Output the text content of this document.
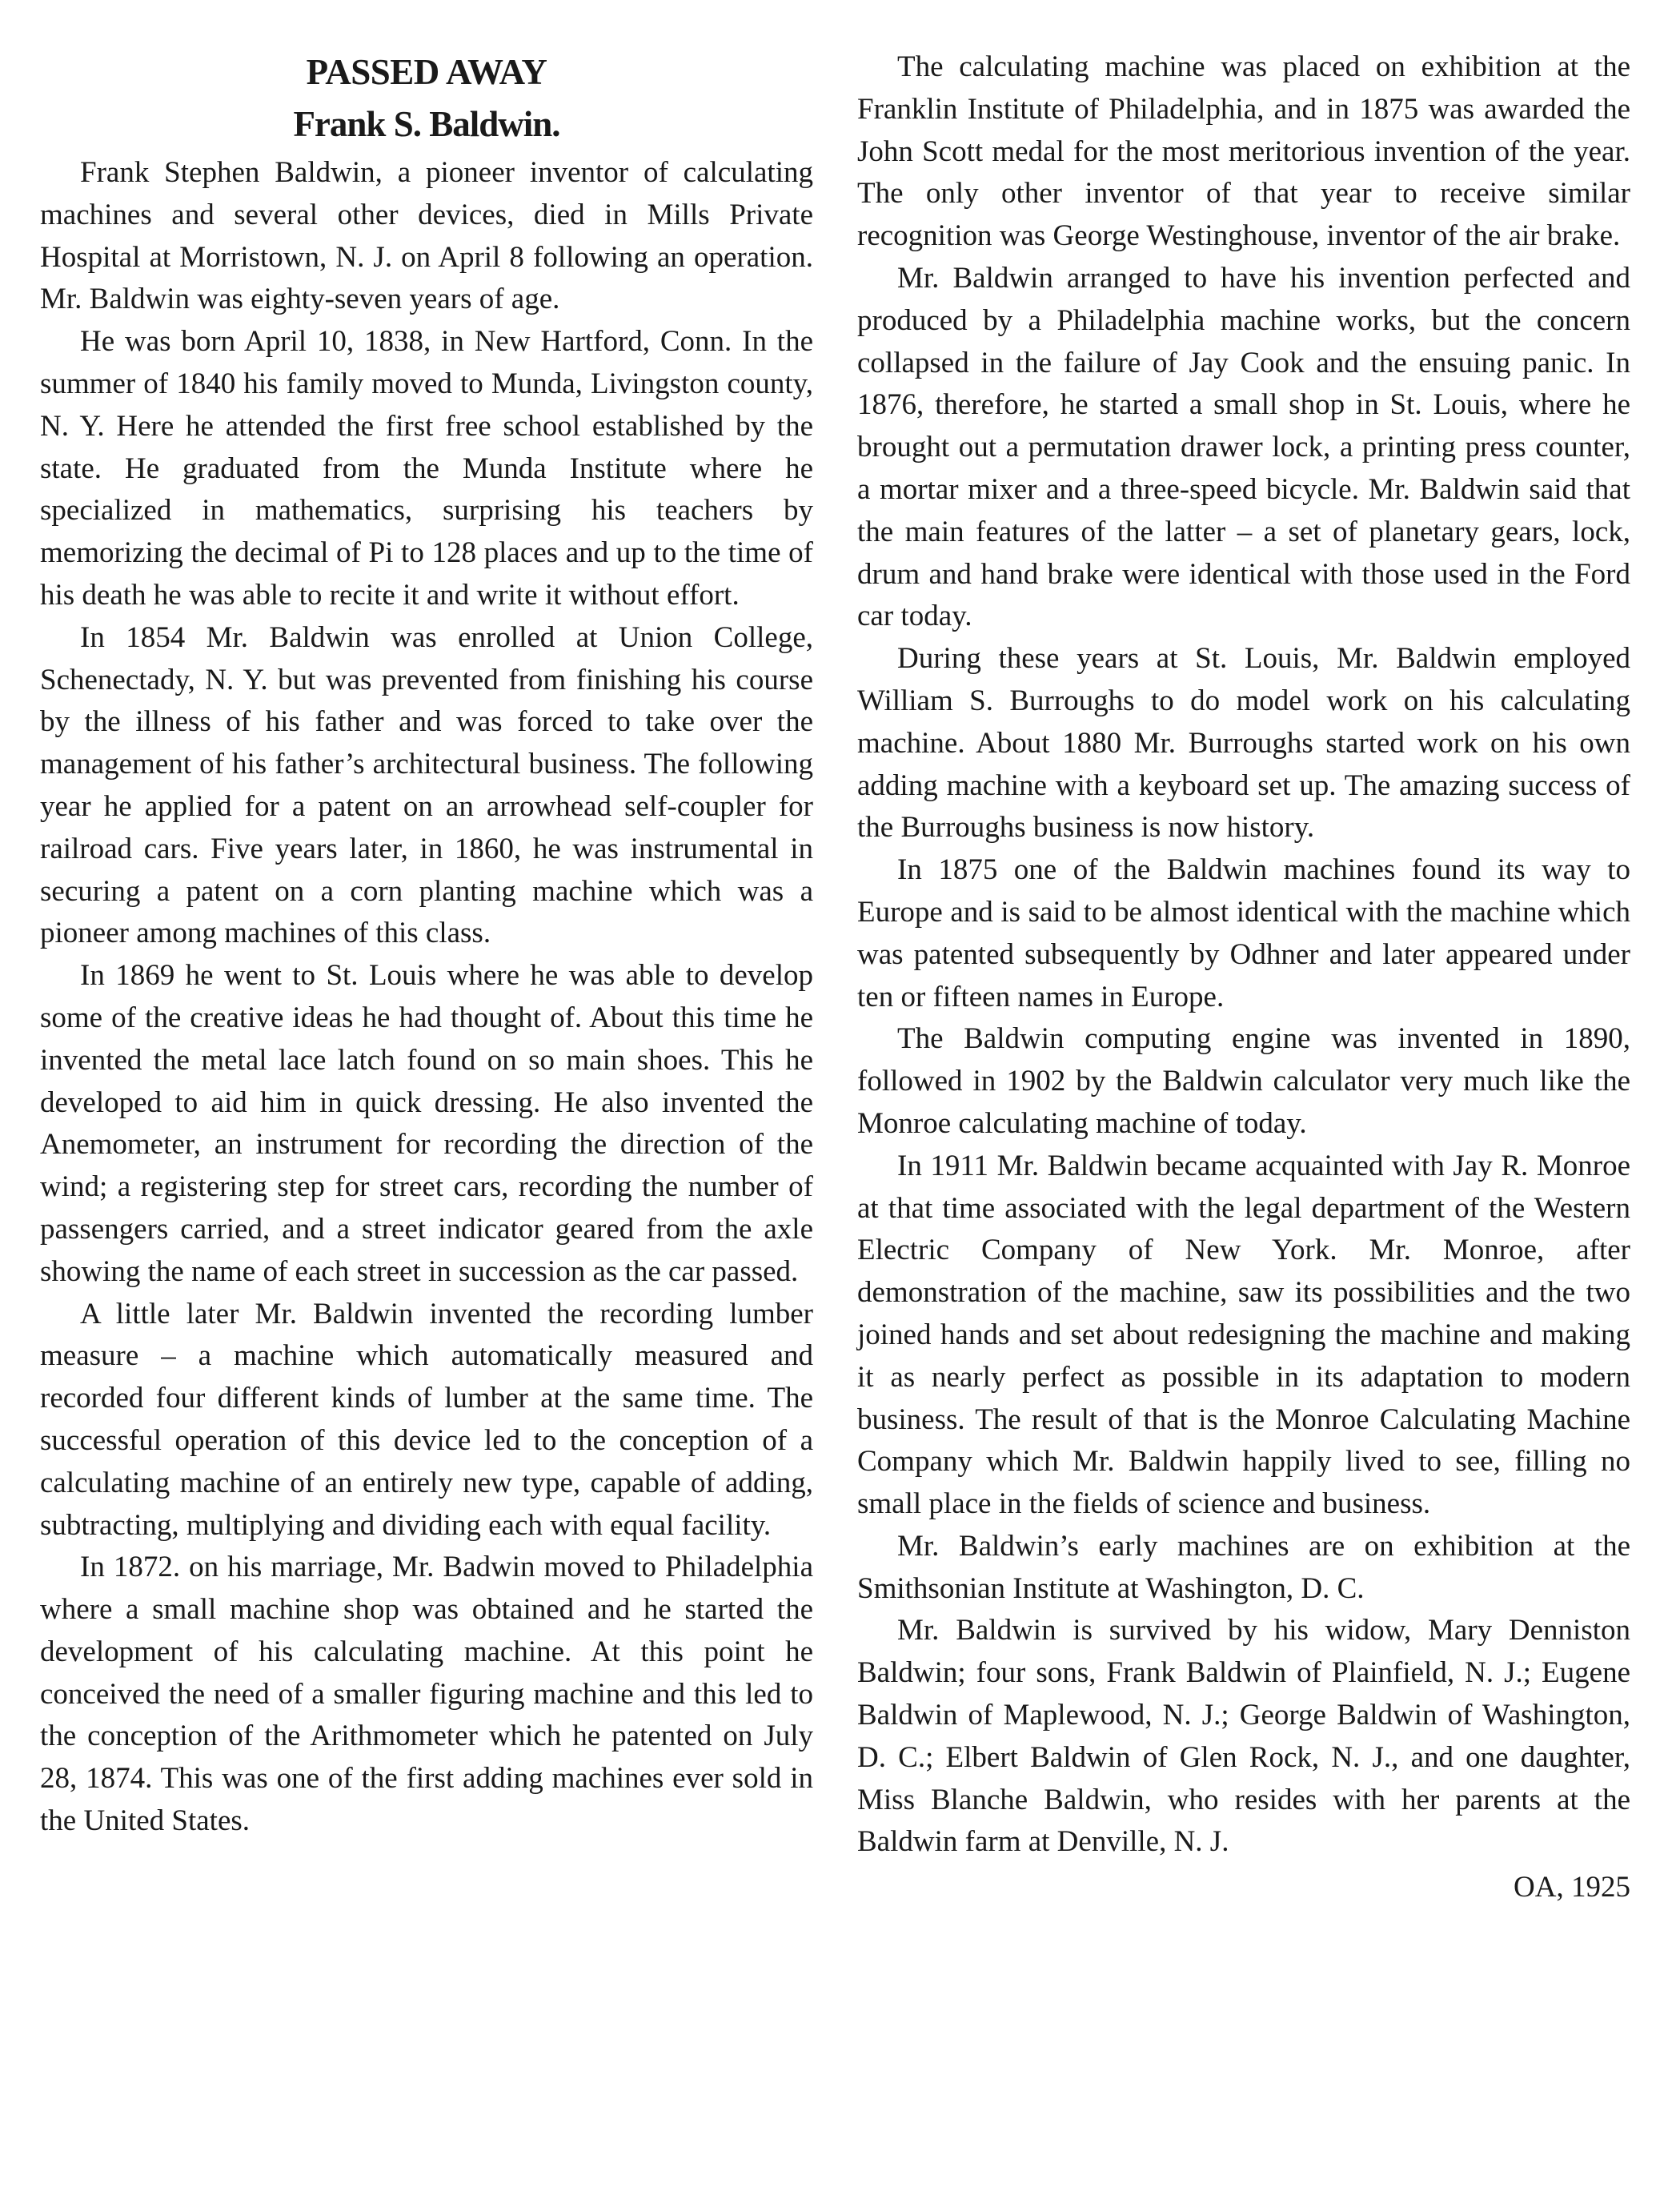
PASSED AWAY
Frank S. Baldwin.

Frank Stephen Baldwin, a pioneer inventor of calculating machines and several other devices, died in Mills Private Hospital at Morristown, N. J. on April 8 following an operation. Mr. Baldwin was eighty-seven years of age.

He was born April 10, 1838, in New Hartford, Conn. In the summer of 1840 his family moved to Munda, Livingston county, N. Y. Here he attended the first free school established by the state. He graduated from the Munda Institute where he specialized in mathematics, surprising his teachers by memorizing the decimal of Pi to 128 places and up to the time of his death he was able to recite it and write it without effort.

In 1854 Mr. Baldwin was enrolled at Union College, Schenectady, N. Y. but was prevented from finishing his course by the illness of his father and was forced to take over the management of his father’s architectural business. The following year he applied for a patent on an arrowhead self-coupler for railroad cars. Five years later, in 1860, he was instrumental in securing a patent on a corn planting machine which was a pioneer among machines of this class.

In 1869 he went to St. Louis where he was able to develop some of the creative ideas he had thought of. About this time he invented the metal lace latch found on so main shoes. This he developed to aid him in quick dressing. He also invented the Anemometer, an instrument for recording the direction of the wind; a registering step for street cars, recording the number of passengers carried, and a street indicator geared from the axle showing the name of each street in succession as the car passed.

A little later Mr. Baldwin invented the recording lumber measure – a machine which automatically measured and recorded four different kinds of lumber at the same time. The successful operation of this device led to the conception of a calculating machine of an entirely new type, capable of adding, subtracting, multiplying and dividing each with equal facility.

In 1872. on his marriage, Mr. Badwin moved to Philadelphia where a small machine shop was obtained and he started the development of his calculating machine. At this point he conceived the need of a smaller figuring machine and this led to the conception of the Arithmometer which he patented on July 28, 1874. This was one of the first adding machines ever sold in the United States.

The calculating machine was placed on exhibition at the Franklin Institute of Philadelphia, and in 1875 was awarded the John Scott medal for the most meritorious invention of the year. The only other inventor of that year to receive similar recognition was George Westinghouse, inventor of the air brake.

Mr. Baldwin arranged to have his invention perfected and produced by a Philadelphia machine works, but the concern collapsed in the failure of Jay Cook and the ensuing panic. In 1876, therefore, he started a small shop in St. Louis, where he brought out a permutation drawer lock, a printing press counter, a mortar mixer and a three-speed bicycle. Mr. Baldwin said that the main features of the latter – a set of planetary gears, lock, drum and hand brake were identical with those used in the Ford car today.

During these years at St. Louis, Mr. Baldwin employed William S. Burroughs to do model work on his calculating machine. About 1880 Mr. Burroughs started work on his own adding machine with a keyboard set up. The amazing success of the Burroughs business is now history.

In 1875 one of the Baldwin machines found its way to Europe and is said to be almost identical with the machine which was patented subsequently by Odhner and later appeared under ten or fifteen names in Europe.

The Baldwin computing engine was invented in 1890, followed in 1902 by the Baldwin calculator very much like the Monroe calculating machine of today.

In 1911 Mr. Baldwin became acquainted with Jay R. Monroe at that time associated with the legal department of the Western Electric Company of New York. Mr. Monroe, after demonstration of the machine, saw its possibilities and the two joined hands and set about redesigning the machine and making it as nearly perfect as possible in its adaptation to modern business. The result of that is the Monroe Calculating Machine Company which Mr. Baldwin happily lived to see, filling no small place in the fields of science and business.

Mr. Baldwin’s early machines are on exhibition at the Smithsonian Institute at Washington, D. C.

Mr. Baldwin is survived by his widow, Mary Denniston Baldwin; four sons, Frank Baldwin of Plainfield, N. J.; Eugene Baldwin of Maplewood, N. J.; George Baldwin of Washington, D. C.; Elbert Baldwin of Glen Rock, N. J., and one daughter, Miss Blanche Baldwin, who resides with her parents at the Baldwin farm at Denville, N. J.

OA, 1925
